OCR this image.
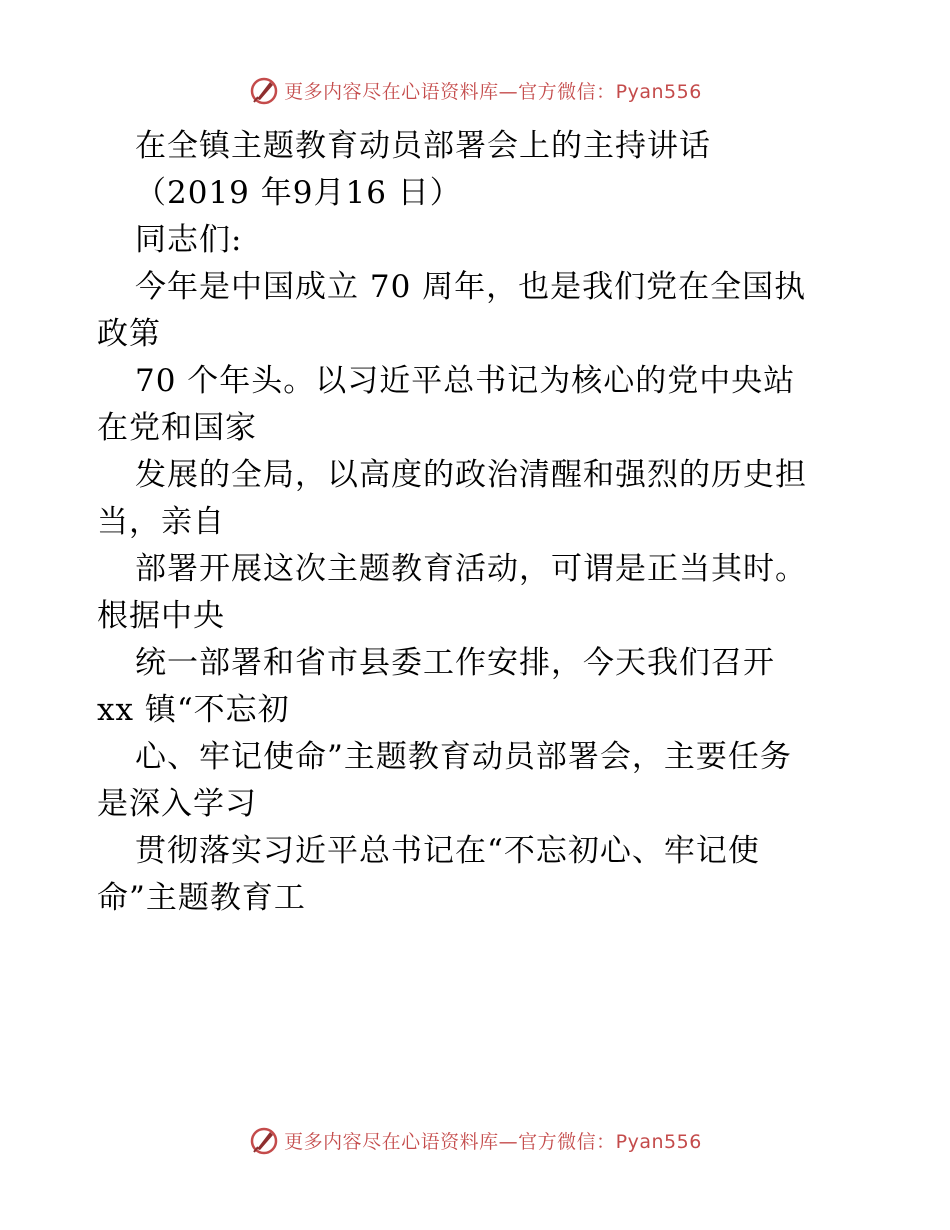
更多内容尽在心语资料库—官方微信：Pyan556

在全镇主题教育动员部署会上的主持讲话

（2019 年9月16 日）

同志们:

今年是中国成立 70 周年，也是我们党在全国执

政第

70 个年头。以习近平总书记为核心的党中央站

在党和国家

发展的全局，以高度的政治清醒和强烈的历史担

当，亲自

部署开展这次主题教育活动，可谓是正当其时。

根据中央

统一部署和省市县委工作安排，今天我们召开

xx 镇“不忘初

心、牢记使命”主题教育动员部署会，主要任务

是深入学习

贯彻落实习近平总书记在“不忘初心、牢记使

命”主题教育工

更多内容尽在心语资料库—官方微信：Pyan556
